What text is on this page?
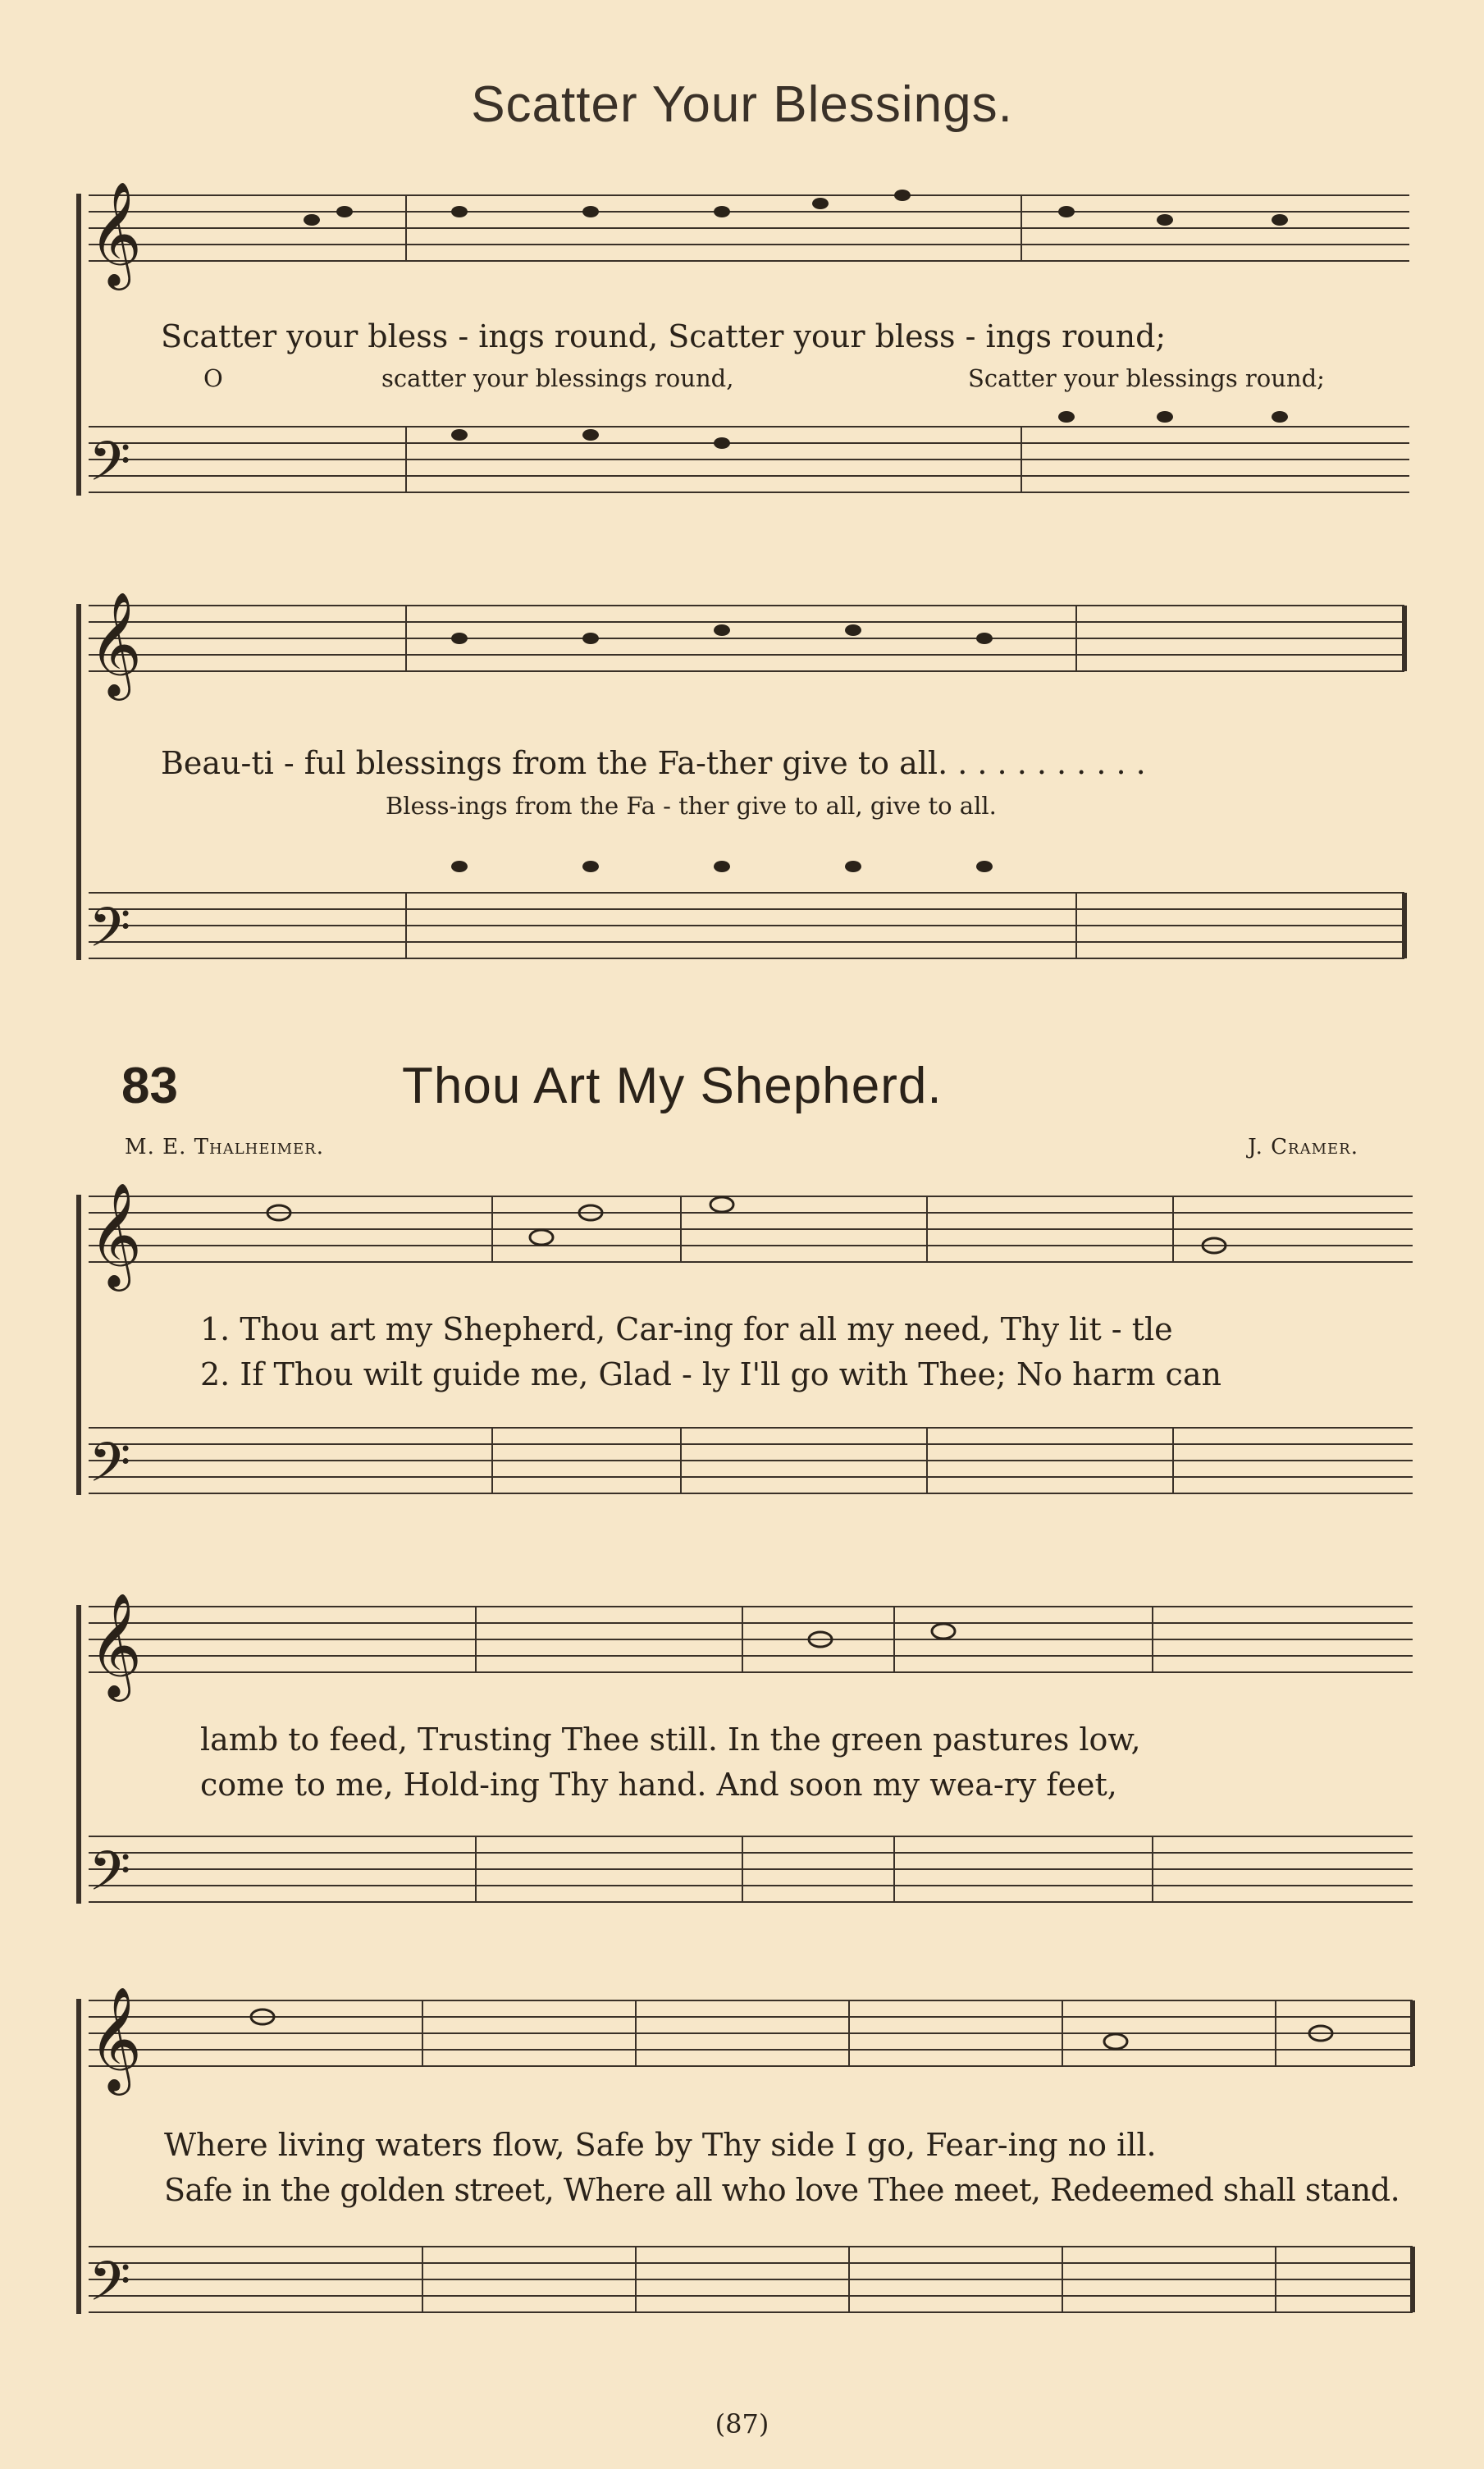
𝄞
𝄢
𝄞
𝄢
𝄞
𝄢
𝄞
𝄢
𝄞
𝄢
Scatter Your Blessings.
Scatter your bless - ings round, Scatter your bless - ings round;
O	scatter your blessings round,	Scatter your blessings round;
Beau-ti - ful blessings from the Fa-ther give to all. . . . . . . . . . .
Bless-ings from the Fa - ther give to all, give to all.
83	Thou Art My Shepherd.
M. E. Thalheimer.	J. Cramer.
1. Thou art my Shepherd, Car-ing for all my need, Thy lit - tle
2. If Thou wilt guide me, Glad - ly I'll go with Thee; No harm can
lamb to feed, Trusting Thee still. In the green pastures low,
come to me, Hold-ing Thy hand. And soon my wea-ry feet,
Where living waters flow, Safe by Thy side I go, Fear-ing no ill.
Safe in the golden street, Where all who love Thee meet, Redeemed shall stand.
(87)
